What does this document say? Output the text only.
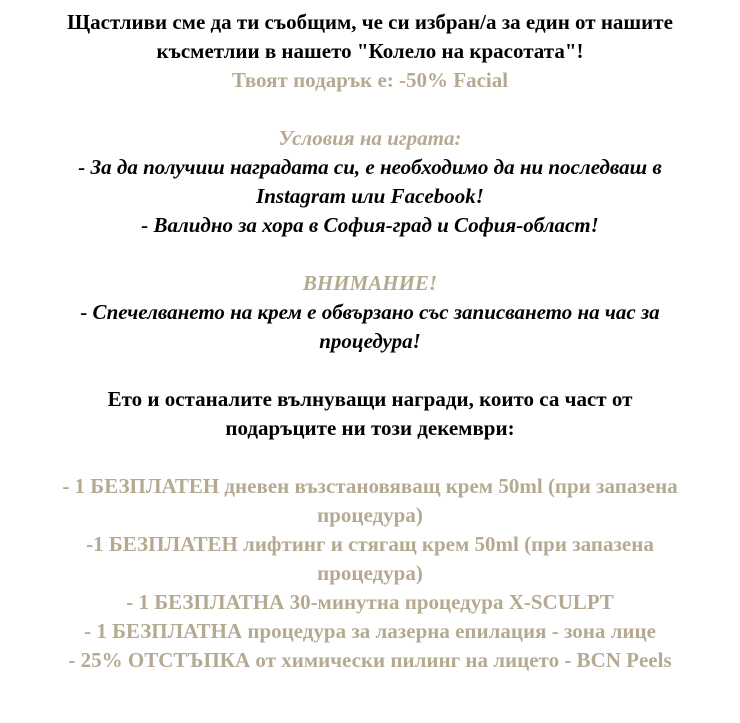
Щастливи сме да ти съобщим, че си избран/а за един от нашите късметлии в нашето "Колело на красотата"!
Твоят подарък е: -50% Facial
Условия на играта:
- За да получиш наградата си, е необходимо да ни последваш в Instagram или Facebook!
- Валидно за хора в София-град и София-област!
ВНИМАНИЕ!
- Спечелването на крем е обвързано със записването на час за процедура!
Ето и останалите вълнуващи награди, които са част от подаръците ни този декември:
- 1 БЕЗПЛАТЕН дневен възстановяващ крем 50ml (при запазена процедура)
-1 БЕЗПЛАТЕН лифтинг и стягащ крем 50ml (при запазена процедура)
- 1 БЕЗПЛАТНА 30-минутна процедура X-SCULPT
- 1 БЕЗПЛАТНА процедура за лазерна епилация - зона лице
- 25% ОТСТЪПКА от химически пилинг на лицето - BCN Peels
